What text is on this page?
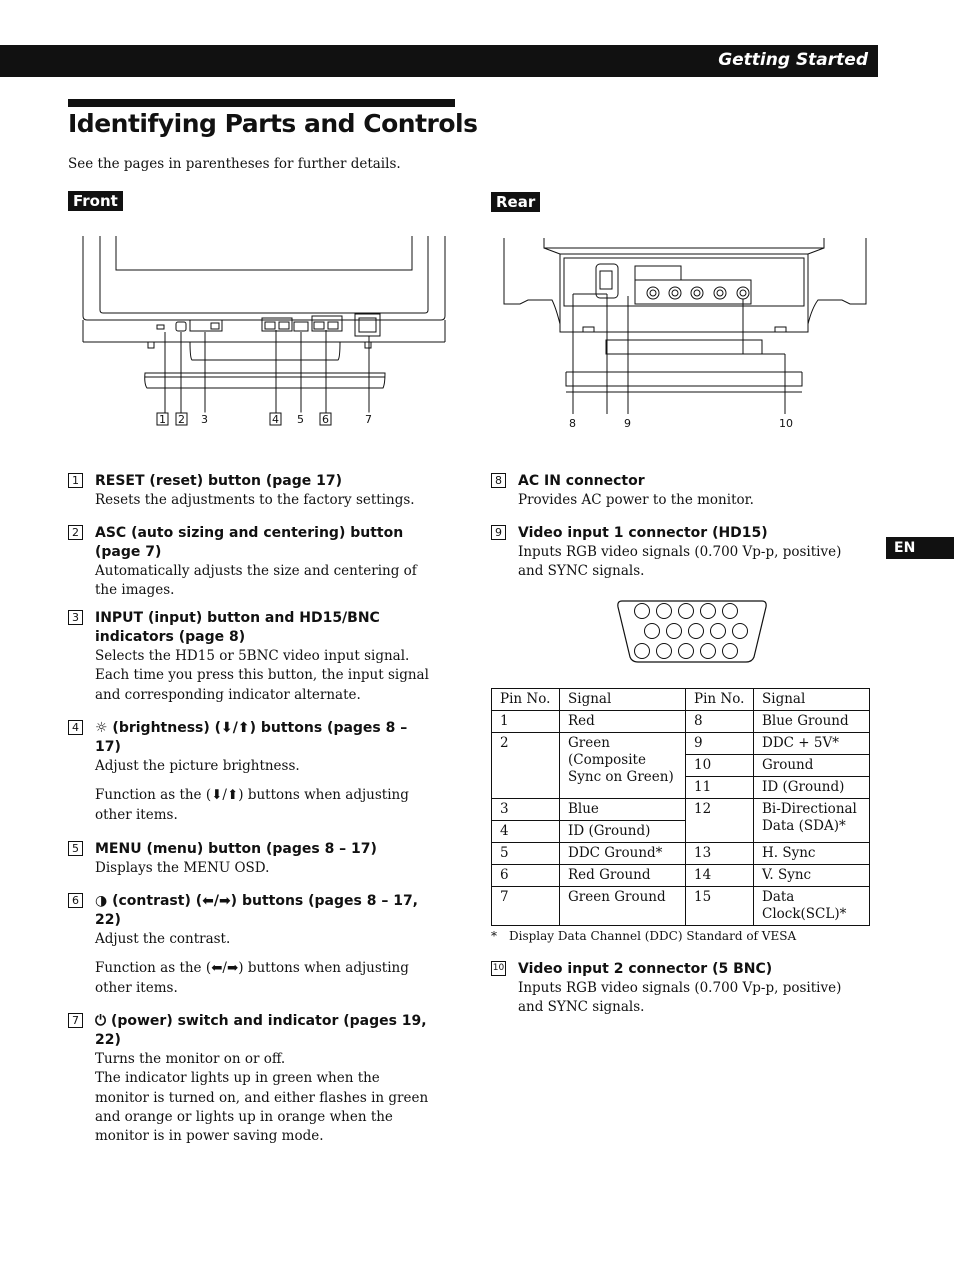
Getting Started
Identifying Parts and Controls
See the pages in parentheses for further details.
Front	Rear
1 2 3	4 5 6	7	8	9	10
1 RESET (reset) button (page 17)

Resets the adjustments to the factory settings.

2 ASC (auto sizing and centering) button (page 7)

Automatically adjusts the size and centering of the images.

3 INPUT (input) button and HD15/BNC indicators (page 8)

Selects the HD15 or 5BNC video input signal. Each time you press this button, the input signal and corresponding indicator alternate.

4 ☼ (brightness) (⬇/⬆) buttons (pages 8 – 17)

Adjust the picture brightness.

Function as the (⬇/⬆) buttons when adjusting other items.

5 MENU (menu) button (pages 8 – 17)

Displays the MENU OSD.

6 ◑ (contrast) (⬅/➡) buttons (pages 8 – 17, 22)

Adjust the contrast.

Function as the (⬅/➡) buttons when adjusting other items.

7 ⏻ (power) switch and indicator (pages 19, 22)

Turns the monitor on or off.

The indicator lights up in green when the monitor is turned on, and either flashes in green and orange or lights up in orange when the monitor is in power saving mode.

8 AC IN connector

Provides AC power to the monitor.

9 Video input 1 connector (HD15)

Inputs RGB video signals (0.700 Vp-p, positive) and SYNC signals.

Pin No.	Signal	Pin No.	Signal
1	Red	8	Blue Ground
2	Green (Composite Sync on Green)	9	DDC + 5V*
		10	Ground
		11	ID (Ground)
3	Blue	12	Bi-Directional Data (SDA)*
4	ID (Ground)		
5	DDC Ground*	13	H. Sync
6	Red Ground	14	V. Sync
7	Green Ground	15	Data Clock(SCL)*
* Display Data Channel (DDC) Standard of VESA
10 Video input 2 connector (5 BNC)

Inputs RGB video signals (0.700 Vp-p, positive) and SYNC signals.

EN
